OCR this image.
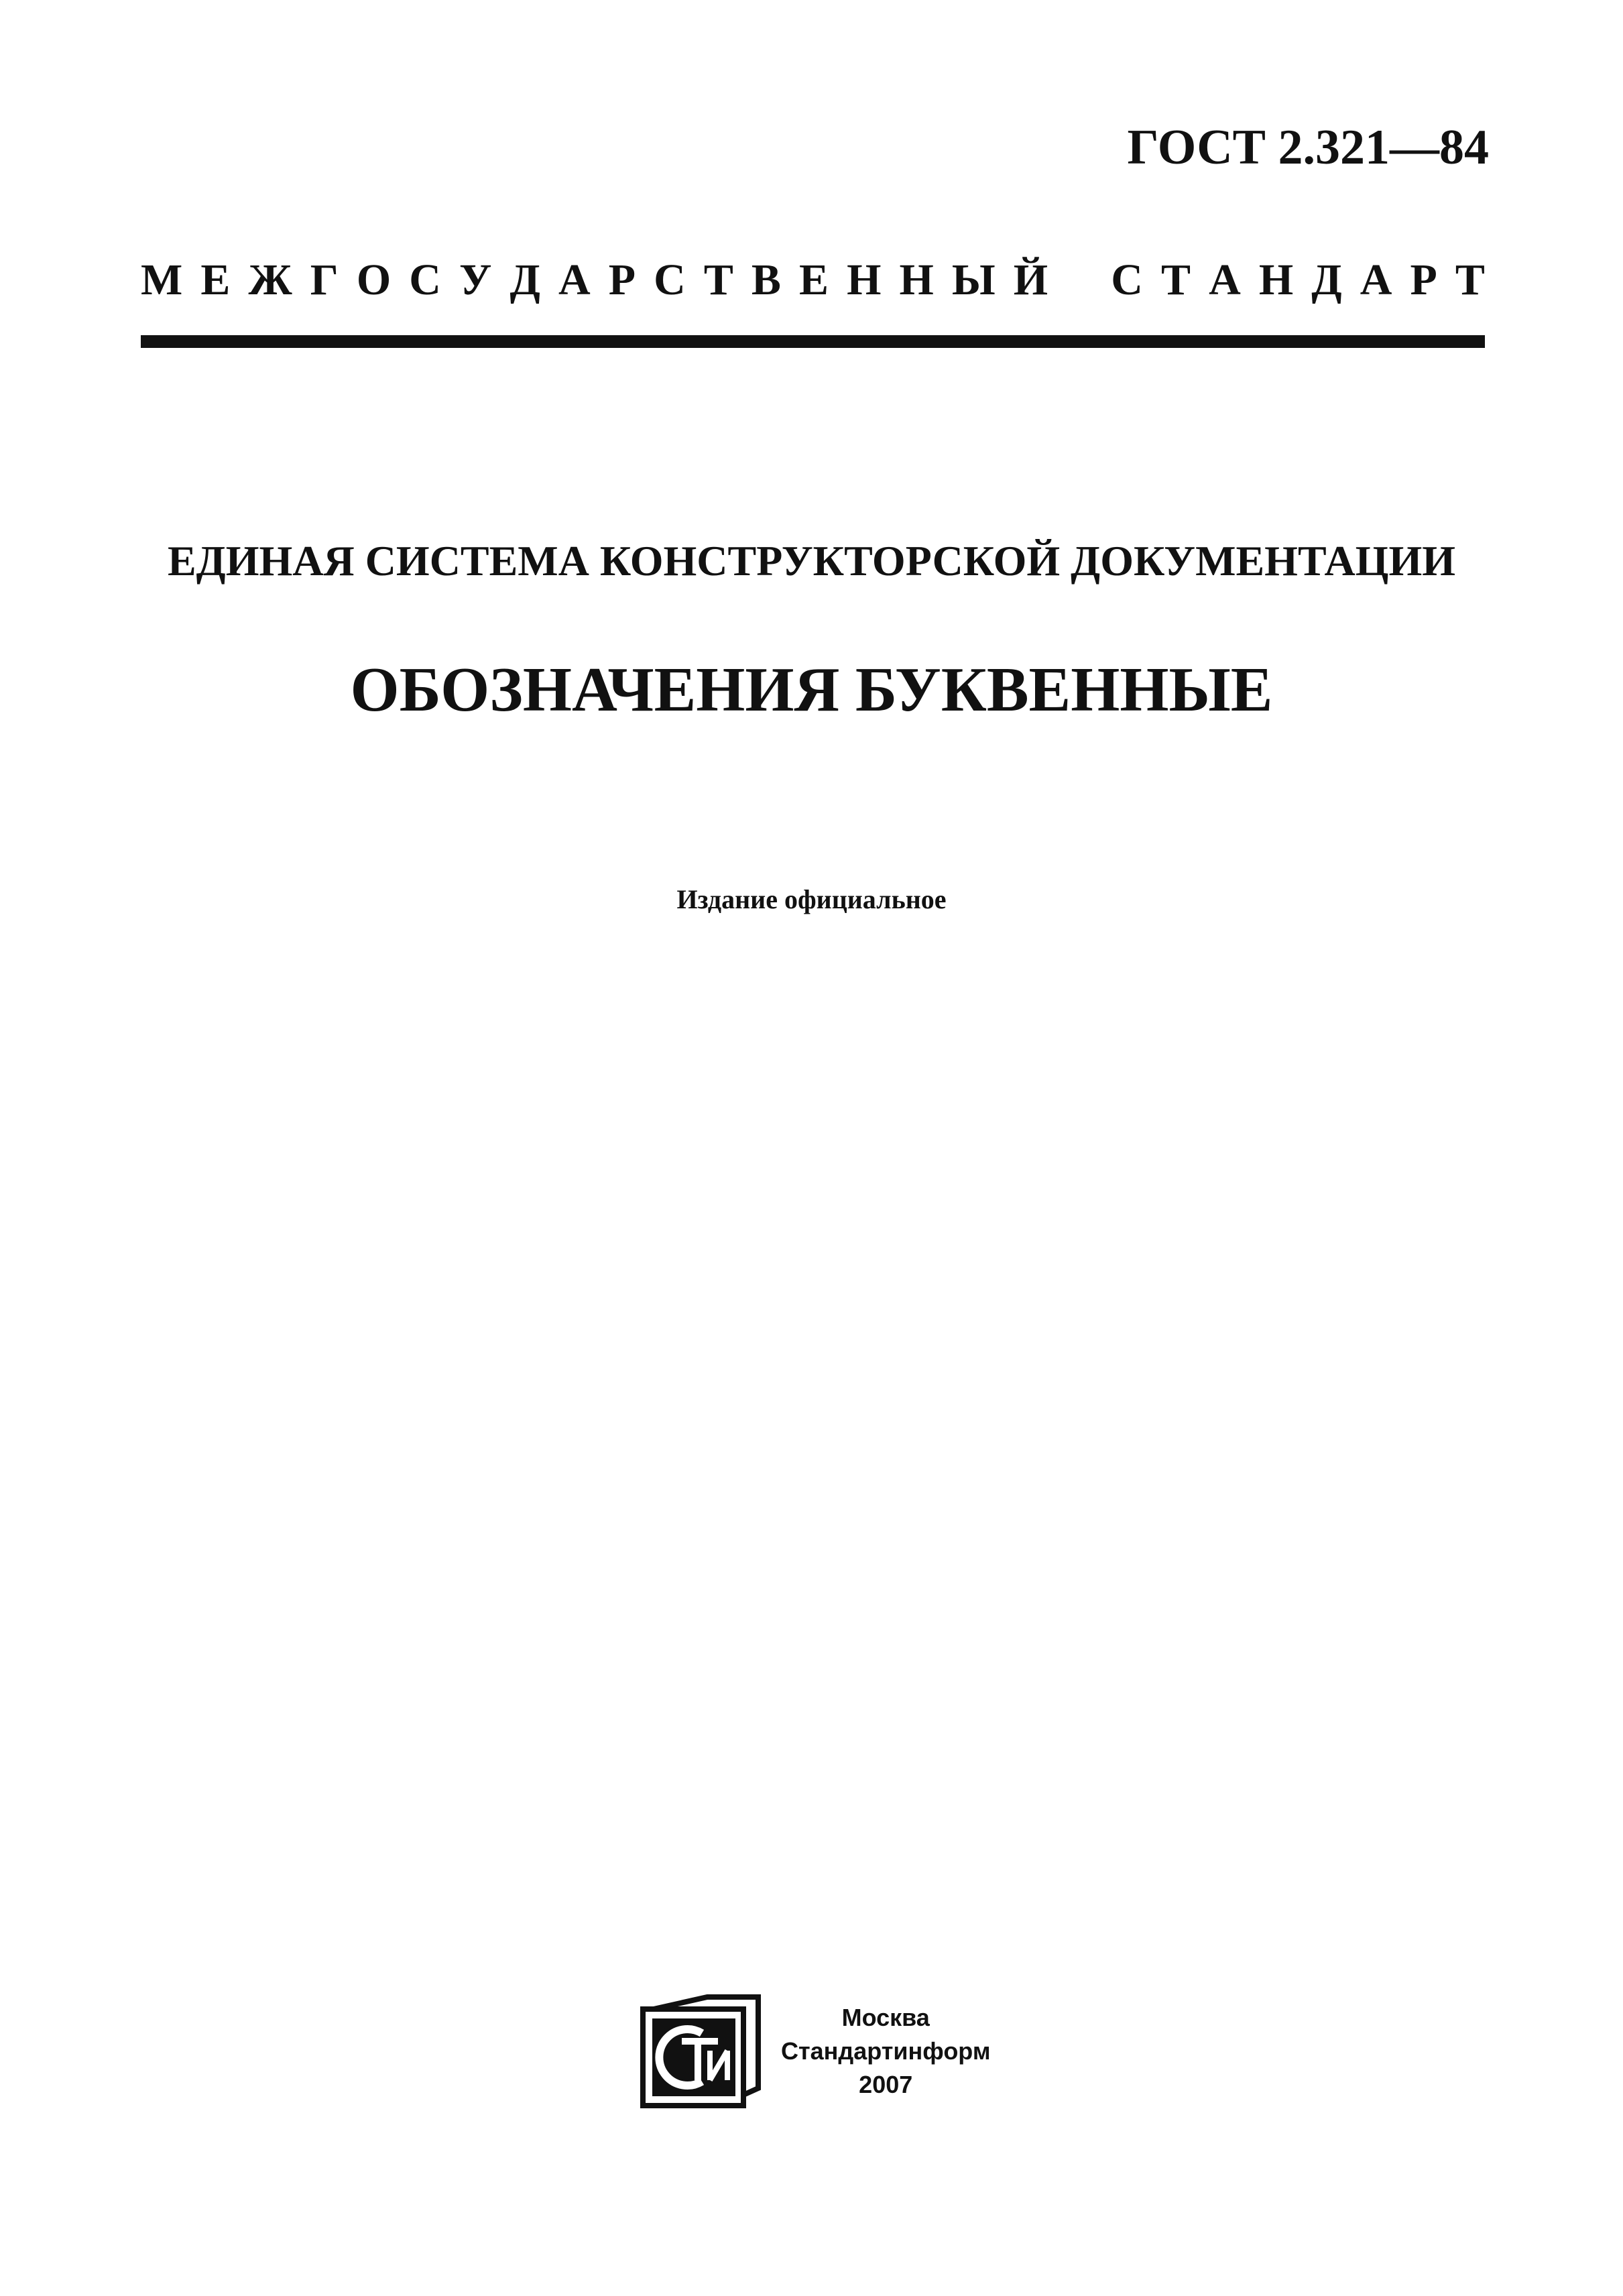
ГОСТ 2.321—84
М Е Ж Г О С У Д А Р С Т В Е Н Н Ы Й С Т А Н Д А Р Т
ЕДИНАЯ СИСТЕМА КОНСТРУКТОРСКОЙ ДОКУМЕНТАЦИИ
ОБОЗНАЧЕНИЯ БУКВЕННЫЕ
Издание официальное
Москва
Стандартинформ
2007
